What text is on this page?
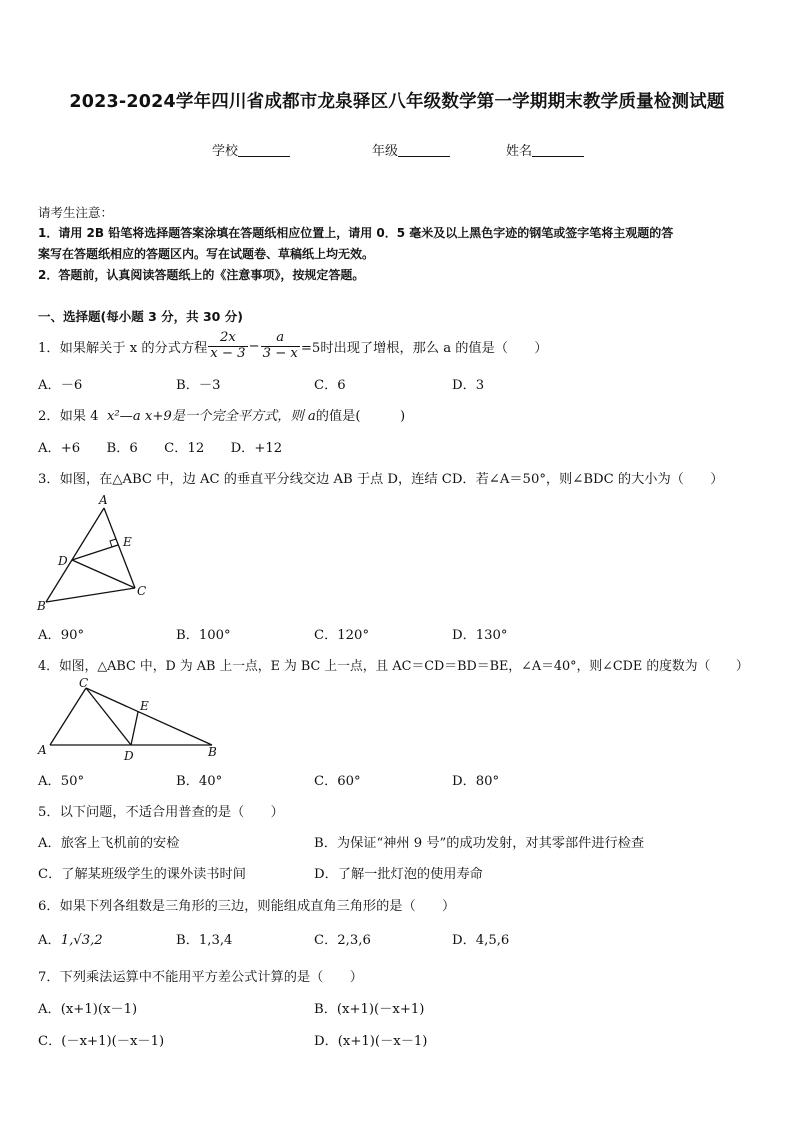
2023-2024学年四川省成都市龙泉驿区八年级数学第一学期期末教学质量检测试题
学校	年级	姓名
请考生注意：
1．请用 2B 铅笔将选择题答案涂填在答题纸相应位置上，请用 0．5 毫米及以上黑色字迹的钢笔或签字笔将主观题的答
案写在答题纸相应的答题区内。写在试题卷、草稿纸上均无效。
2．答题前，认真阅读答题纸上的《注意事项》，按规定答题。
一、选择题(每小题 3 分，共 30 分)
1．如果解关于 x 的分式方程 $\frac{2x}{x - 3} - \frac{a}{3 - x} =5$时出现了增根，那么 a 的值是（　　）
A．－6	B．－3	C．6	D．3
2．如果 4 x²—a x+9是一个完全平方式，则 a的值是(　　　)
A．+6　　B．6　　C．12　　D．+12
3．如图，在△ABC 中，边 AC 的垂直平分线交边 AB 于点 D，连结 CD．若∠A＝50°，则∠BDC 的大小为（　　）
A
E
D
C
B
A．90°	B．100°	C．120°	D．130°
4．如图，△ABC 中，D 为 AB 上一点，E 为 BC 上一点，且 AC＝CD＝BD＝BE，∠A＝40°，则∠CDE 的度数为（　　）
C
E
A	D	B
A．50°	B．40°	C．60°	D．80°
5．以下问题，不适合用普查的是（　　）
A．旅客上飞机前的安检	B．为保证“神州 9 号”的成功发射，对其零部件进行检查
C．了解某班级学生的课外读书时间	D．了解一批灯泡的使用寿命
6．如果下列各组数是三角形的三边，则能组成直角三角形的是（　　）
A．1,√3,2	B．1,3,4	C．2,3,6	D．4,5,6
7．下列乘法运算中不能用平方差公式计算的是（　　）
A．(x+1)(x－1)	B．(x+1)(－x+1)
C．(－x+1)(－x－1)	D．(x+1)(－x－1)
